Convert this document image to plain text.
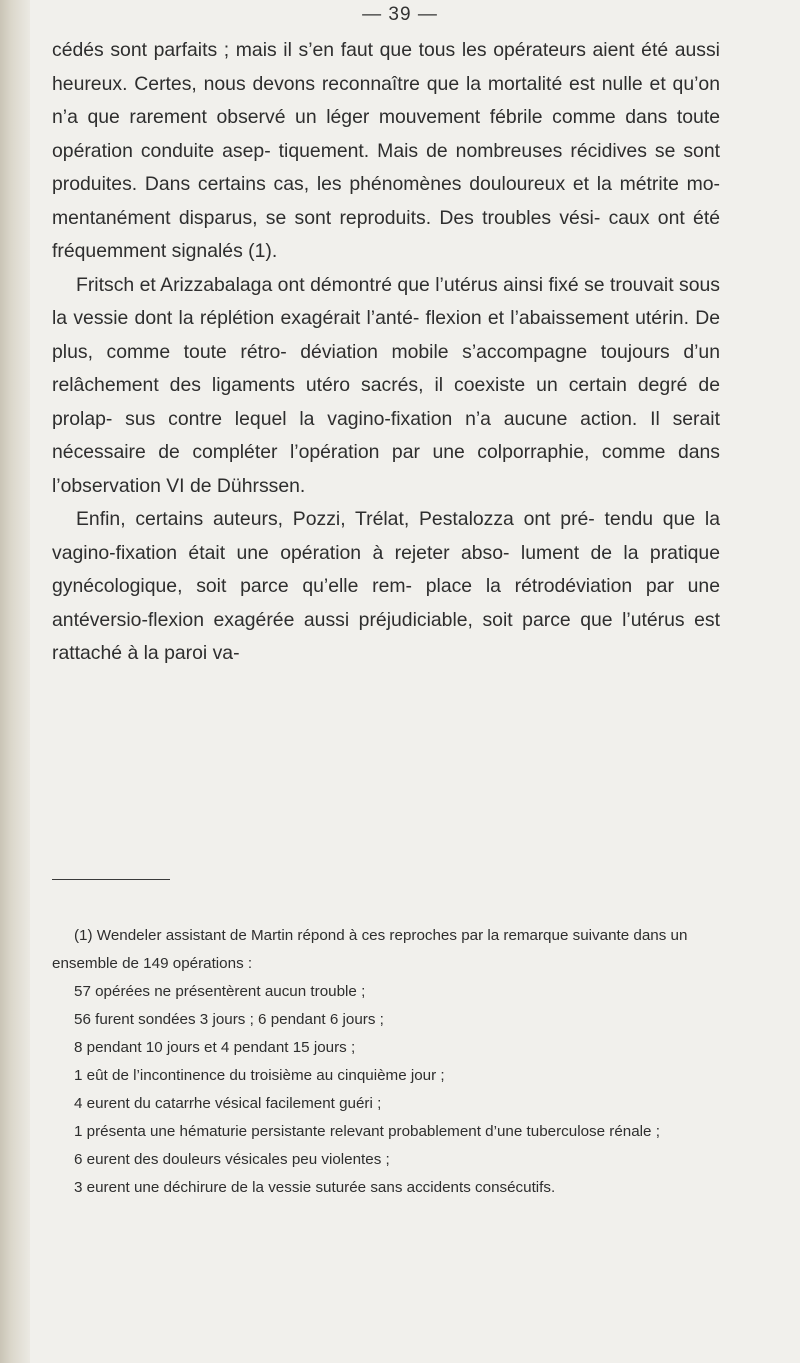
— 39 —

cédés sont parfaits ; mais il s’en faut que tous les opérateurs aient été aussi heureux. Certes, nous devons reconnaître que la mortalité est nulle et qu’on n’a que rarement observé un léger mouvement fébrile comme dans toute opération conduite asep- tiquement. Mais de nombreuses récidives se sont produites. Dans certains cas, les phénomènes douloureux et la métrite mo- mentanément disparus, se sont reproduits. Des troubles vési- caux ont été fréquemment signalés (1).

Fritsch et Arizzabalaga ont démontré que l’utérus ainsi fixé se trouvait sous la vessie dont la réplétion exagérait l’anté- flexion et l’abaissement utérin. De plus, comme toute rétro- déviation mobile s’accompagne toujours d’un relâchement des ligaments utéro sacrés, il coexiste un certain degré de prolap- sus contre lequel la vagino-fixation n’a aucune action. Il serait nécessaire de compléter l’opération par une colporraphie, comme dans l’observation VI de Dührssen.

Enfin, certains auteurs, Pozzi, Trélat, Pestalozza ont pré- tendu que la vagino-fixation était une opération à rejeter abso- lument de la pratique gynécologique, soit parce qu’elle rem- place la rétrodéviation par une antéversio-flexion exagérée aussi préjudiciable, soit parce que l’utérus est rattaché à la paroi va-

(1) Wendeler assistant de Martin répond à ces reproches par la remarque suivante dans un ensemble de 149 opérations :

57 opérées ne présentèrent aucun trouble ;

56 furent sondées 3 jours ; 6 pendant 6 jours ;

8 pendant 10 jours et 4 pendant 15 jours ;

1 eût de l’incontinence du troisième au cinquième jour ;

4 eurent du catarrhe vésical facilement guéri ;

1 présenta une hématurie persistante relevant probablement d’une tuberculose rénale ;

6 eurent des douleurs vésicales peu violentes ;

3 eurent une déchirure de la vessie suturée sans accidents consécutifs.
